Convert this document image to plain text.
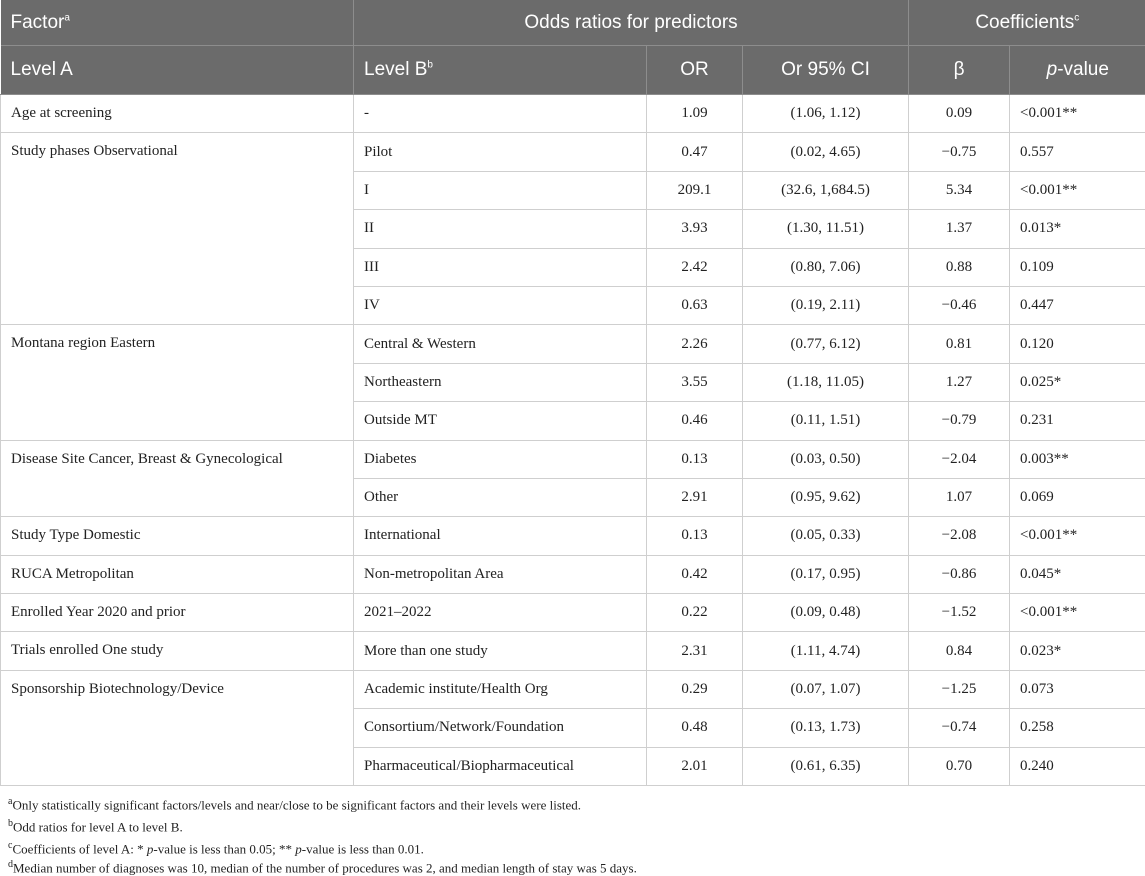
Factor$^a$	Odds ratios for predictors			Coefficients$^c$
Level A	Level $B^b$	OR	Or 95% CI	β	p-value
Age at screening	-	1.09	(1.06, 1.12)	0.09	<0.001**
Study phases Observational	Pilot	0.47	(0.02, 4.65)	−0.75	0.557
	I	209.1	(32.6, 1,684.5)	5.34	<0.001**
	II	3.93	(1.30, 11.51)	1.37	0.013*
	III	2.42	(0.80, 7.06)	0.88	0.109
	IV	0.63	(0.19, 2.11)	−0.46	0.447
Montana region Eastern	Central & Western	2.26	(0.77, 6.12)	0.81	0.120
	Northeastern	3.55	(1.18, 11.05)	1.27	0.025*
	Outside MT	0.46	(0.11, 1.51)	−0.79	0.231
Disease Site Cancer, Breast & Gynecological	Diabetes	0.13	(0.03, 0.50)	−2.04	0.003**
	Other	2.91	(0.95, 9.62)	1.07	0.069
Study Type Domestic	International	0.13	(0.05, 0.33)	−2.08	<0.001**
RUCA Metropolitan	Non-metropolitan Area	0.42	(0.17, 0.95)	−0.86	0.045*
Enrolled Year 2020 and prior	2021–2022	0.22	(0.09, 0.48)	−1.52	<0.001**
Trials enrolled One study	More than one study	2.31	(1.11, 4.74)	0.84	0.023*
Sponsorship Biotechnology/Device	Academic institute/Health Org	0.29	(0.07, 1.07)	−1.25	0.073
	Consortium/Network/Foundation	0.48	(0.13, 1.73)	−0.74	0.258
	Pharmaceutical/Biopharmaceutical	2.01	(0.61, 6.35)	0.70	0.240
$^a$Only statistically significant factors/levels and near/close to be significant factors and their levels were listed.
$^b$Odd ratios for level A to level B.
$^c$Coefficients of level A: * p-value is less than 0.05; ** p-value is less than 0.01.
$^d$Median number of diagnoses was 10, median of the number of procedures was 2, and median length of stay was 5 days.
